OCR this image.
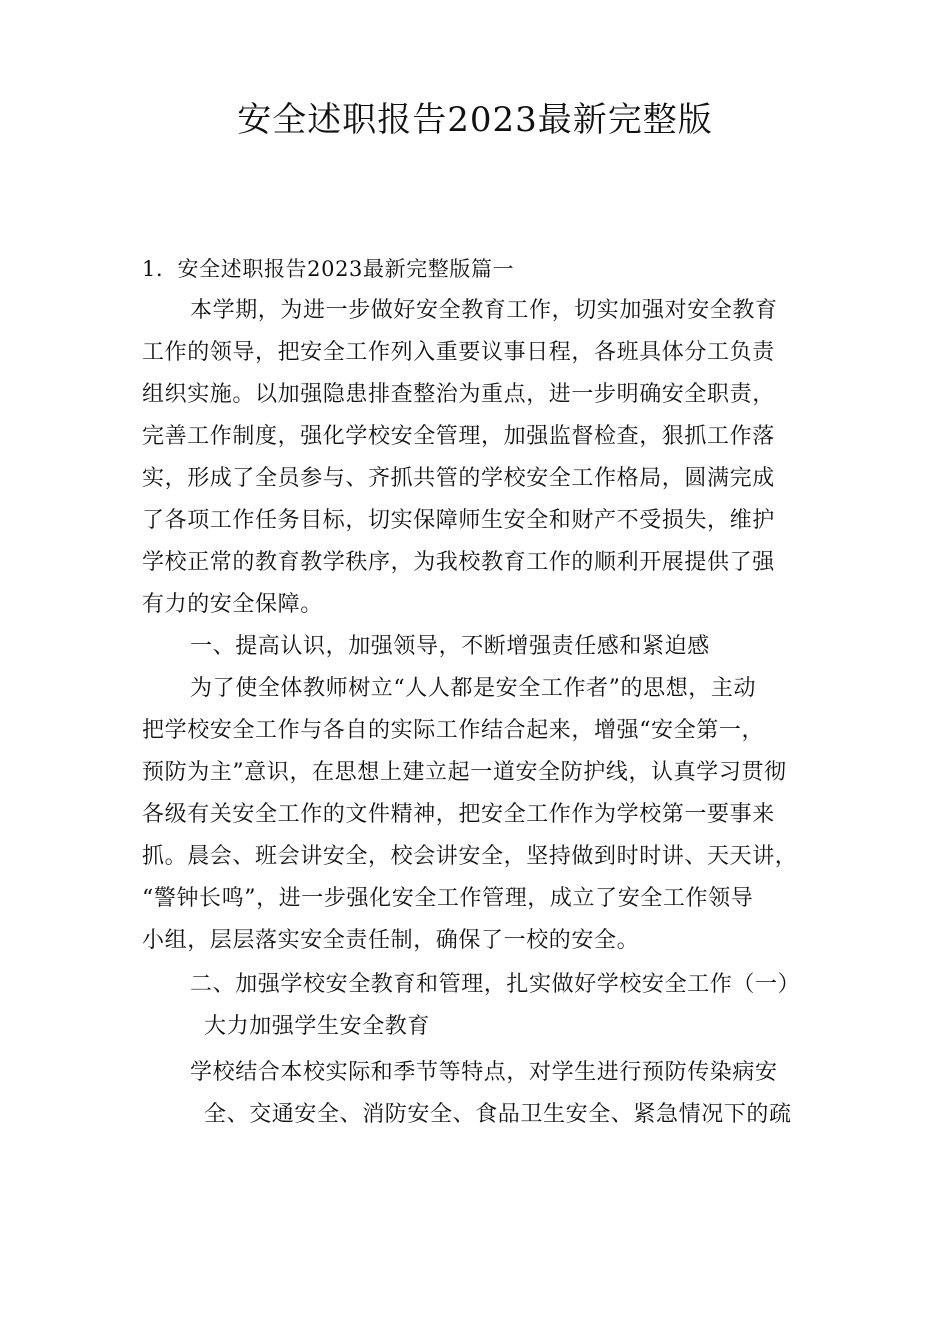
安全述职报告2023最新完整版
1．安全述职报告2023最新完整版篇一
本学期，为进一步做好安全教育工作，切实加强对安全教育
工作的领导，把安全工作列入重要议事日程，各班具体分工负责
组织实施。以加强隐患排查整治为重点，进一步明确安全职责，
完善工作制度，强化学校安全管理，加强监督检查，狠抓工作落
实，形成了全员参与、齐抓共管的学校安全工作格局，圆满完成
了各项工作任务目标，切实保障师生安全和财产不受损失，维护
学校正常的教育教学秩序，为我校教育工作的顺利开展提供了强
有力的安全保障。
一、提高认识，加强领导，不断增强责任感和紧迫感
为了使全体教师树立“人人都是安全工作者”的思想，主动
把学校安全工作与各自的实际工作结合起来，增强“安全第一，
预防为主”意识，在思想上建立起一道安全防护线，认真学习贯彻
各级有关安全工作的文件精神，把安全工作作为学校第一要事来
抓。晨会、班会讲安全，校会讲安全，坚持做到时时讲、天天讲，
“警钟长鸣”，进一步强化安全工作管理，成立了安全工作领导
小组，层层落实安全责任制，确保了一校的安全。
二、加强学校安全教育和管理，扎实做好学校安全工作（一）
大力加强学生安全教育
学校结合本校实际和季节等特点，对学生进行预防传染病安
全、交通安全、消防安全、食品卫生安全、紧急情况下的疏
